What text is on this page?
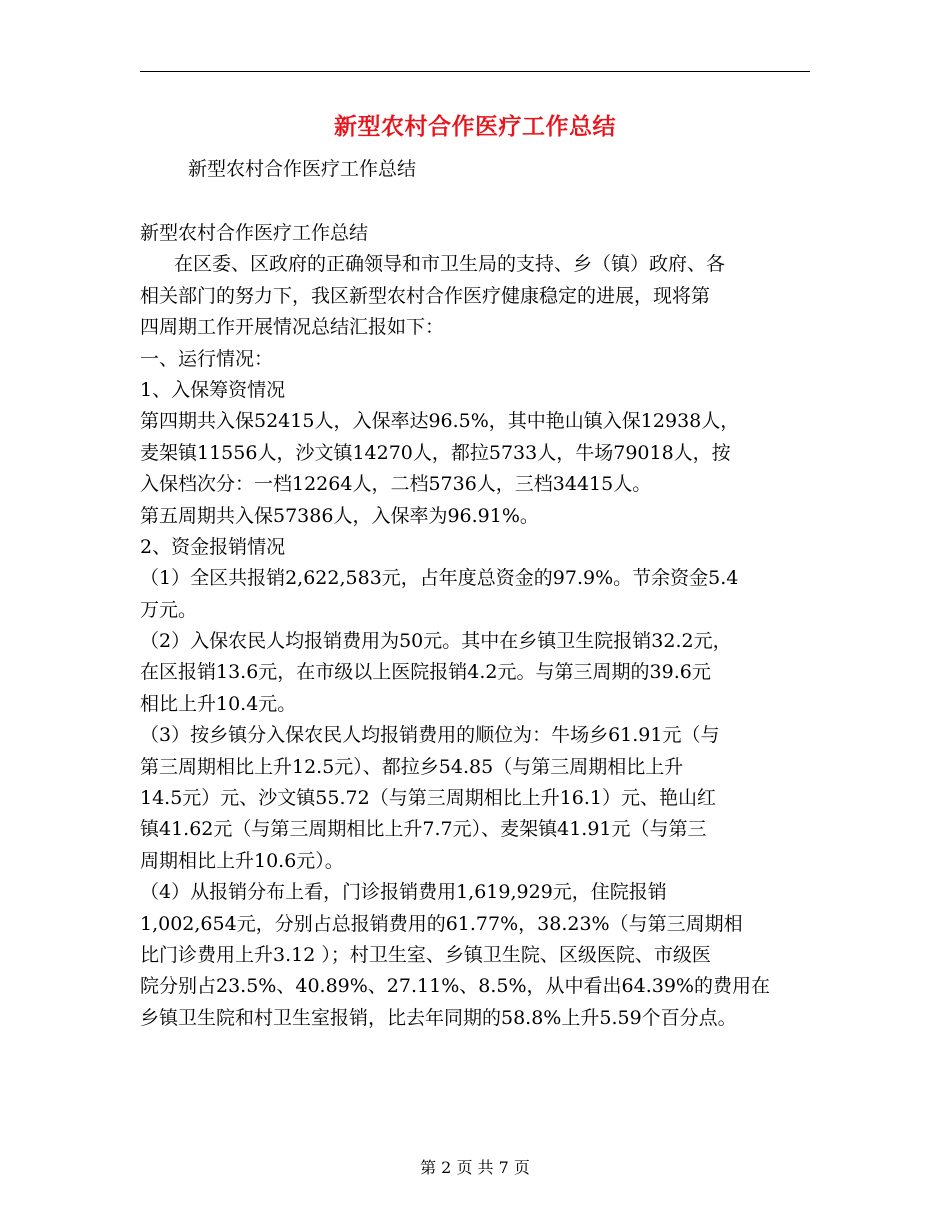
新型农村合作医疗工作总结
新型农村合作医疗工作总结
新型农村合作医疗工作总结
在区委、区政府的正确领导和市卫生局的支持、乡（镇）政府、各
相关部门的努力下，我区新型农村合作医疗健康稳定的进展，现将第
四周期工作开展情况总结汇报如下：
一、运行情况：
1、入保筹资情况
第四期共入保52415人，入保率达96.5%，其中艳山镇入保12938人，
麦架镇11556人，沙文镇14270人，都拉5733人，牛场79018人，按
入保档次分：一档12264人，二档5736人，三档34415人。
第五周期共入保57386人，入保率为96.91%。
2、资金报销情况
（1）全区共报销2,622,583元，占年度总资金的97.9%。节余资金5.4
万元。
（2）入保农民人均报销费用为50元。其中在乡镇卫生院报销32.2元，
在区报销13.6元，在市级以上医院报销4.2元。与第三周期的39.6元
相比上升10.4元。
（3）按乡镇分入保农民人均报销费用的顺位为：牛场乡61.91元（与
第三周期相比上升12.5元）、都拉乡54.85（与第三周期相比上升
14.5元）元、沙文镇55.72（与第三周期相比上升16.1）元、艳山红
镇41.62元（与第三周期相比上升7.7元）、麦架镇41.91元（与第三
周期相比上升10.6元）。
（4）从报销分布上看，门诊报销费用1,619,929元，住院报销
1,002,654元，分别占总报销费用的61.77%，38.23%（与第三周期相
比门诊费用上升3.12 ）；村卫生室、乡镇卫生院、区级医院、市级医
院分别占23.5%、40.89%、27.11%、8.5%，从中看出64.39%的费用在
乡镇卫生院和村卫生室报销，比去年同期的58.8%上升5.59个百分点。
第 2 页 共 7 页
